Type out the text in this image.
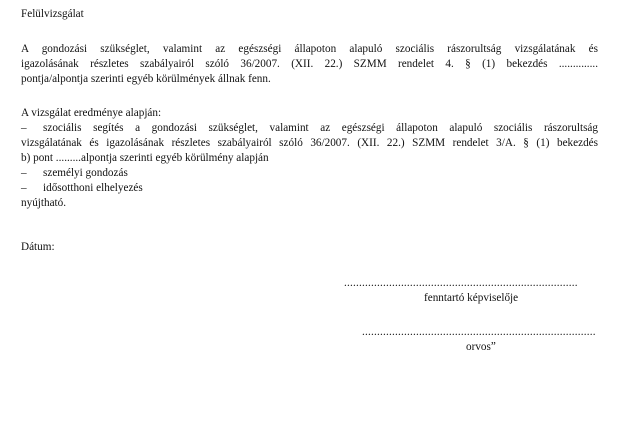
Felülvizsgálat
A gondozási szükséglet, valamint az egészségi állapoton alapuló szociális rászorultság vizsgálatának és
igazolásának részletes szabályairól szóló 36/2007. (XII. 22.) SZMM rendelet 4. § (1) bekezdés ..............
pontja/alpontja szerinti egyéb körülmények állnak fenn.
A vizsgálat eredménye alapján:
– szociális segítés a gondozási szükséglet, valamint az egészségi állapoton alapuló szociális rászorultság
vizsgálatának és igazolásának részletes szabályairól szóló 36/2007. (XII. 22.) SZMM rendelet 3/A. § (1) bekezdés
b) pont .........alpontja szerinti egyéb körülmény alapján
– személyi gondozás
– idősotthoni elhelyezés
nyújtható.
Dátum:
..............................................................................
fenntartó képviselője
..............................................................................
orvosˮ
